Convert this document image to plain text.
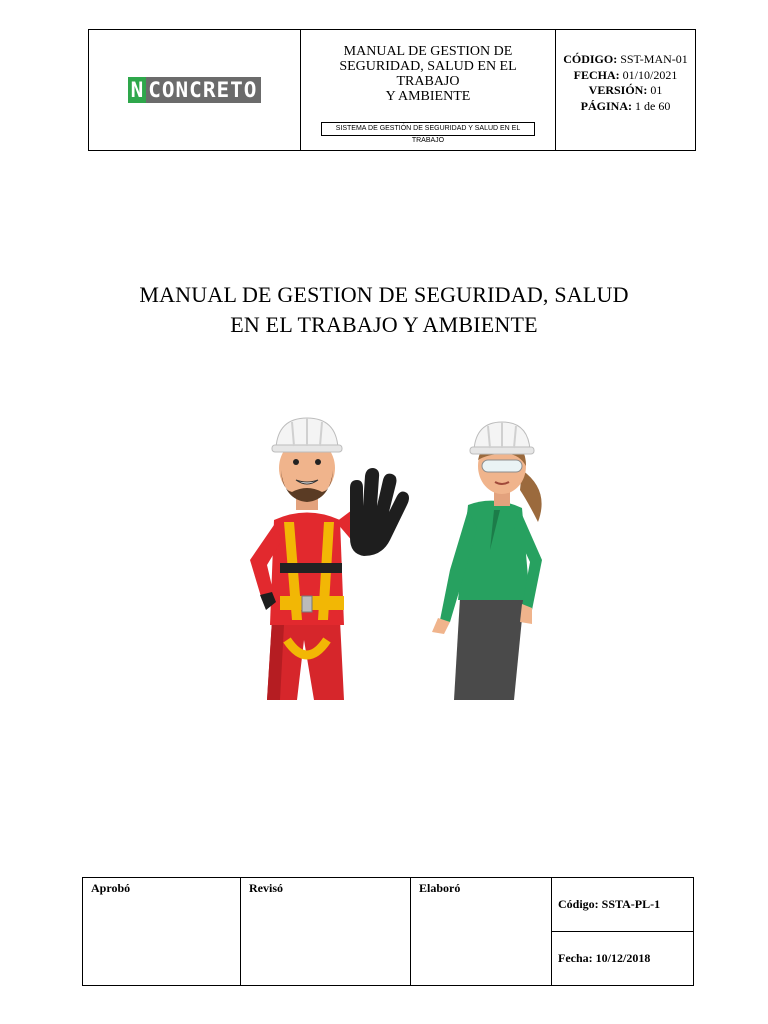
N CONCRETO
MANUAL DE GESTION DE
SEGURIDAD, SALUD EN EL
TRABAJO
Y AMBIENTE
SISTEMA DE GESTIÓN DE SEGURIDAD Y SALUD EN EL TRABAJO
CÓDIGO: SST-MAN-01
FECHA: 01/10/2021
VERSIÓN: 01
PÁGINA: 1 de 60
MANUAL DE GESTION DE SEGURIDAD, SALUD
EN EL TRABAJO Y AMBIENTE
Aprobó	Revisó	Elaboró
Código: SSTA-PL-1
Fecha: 10/12/2018
